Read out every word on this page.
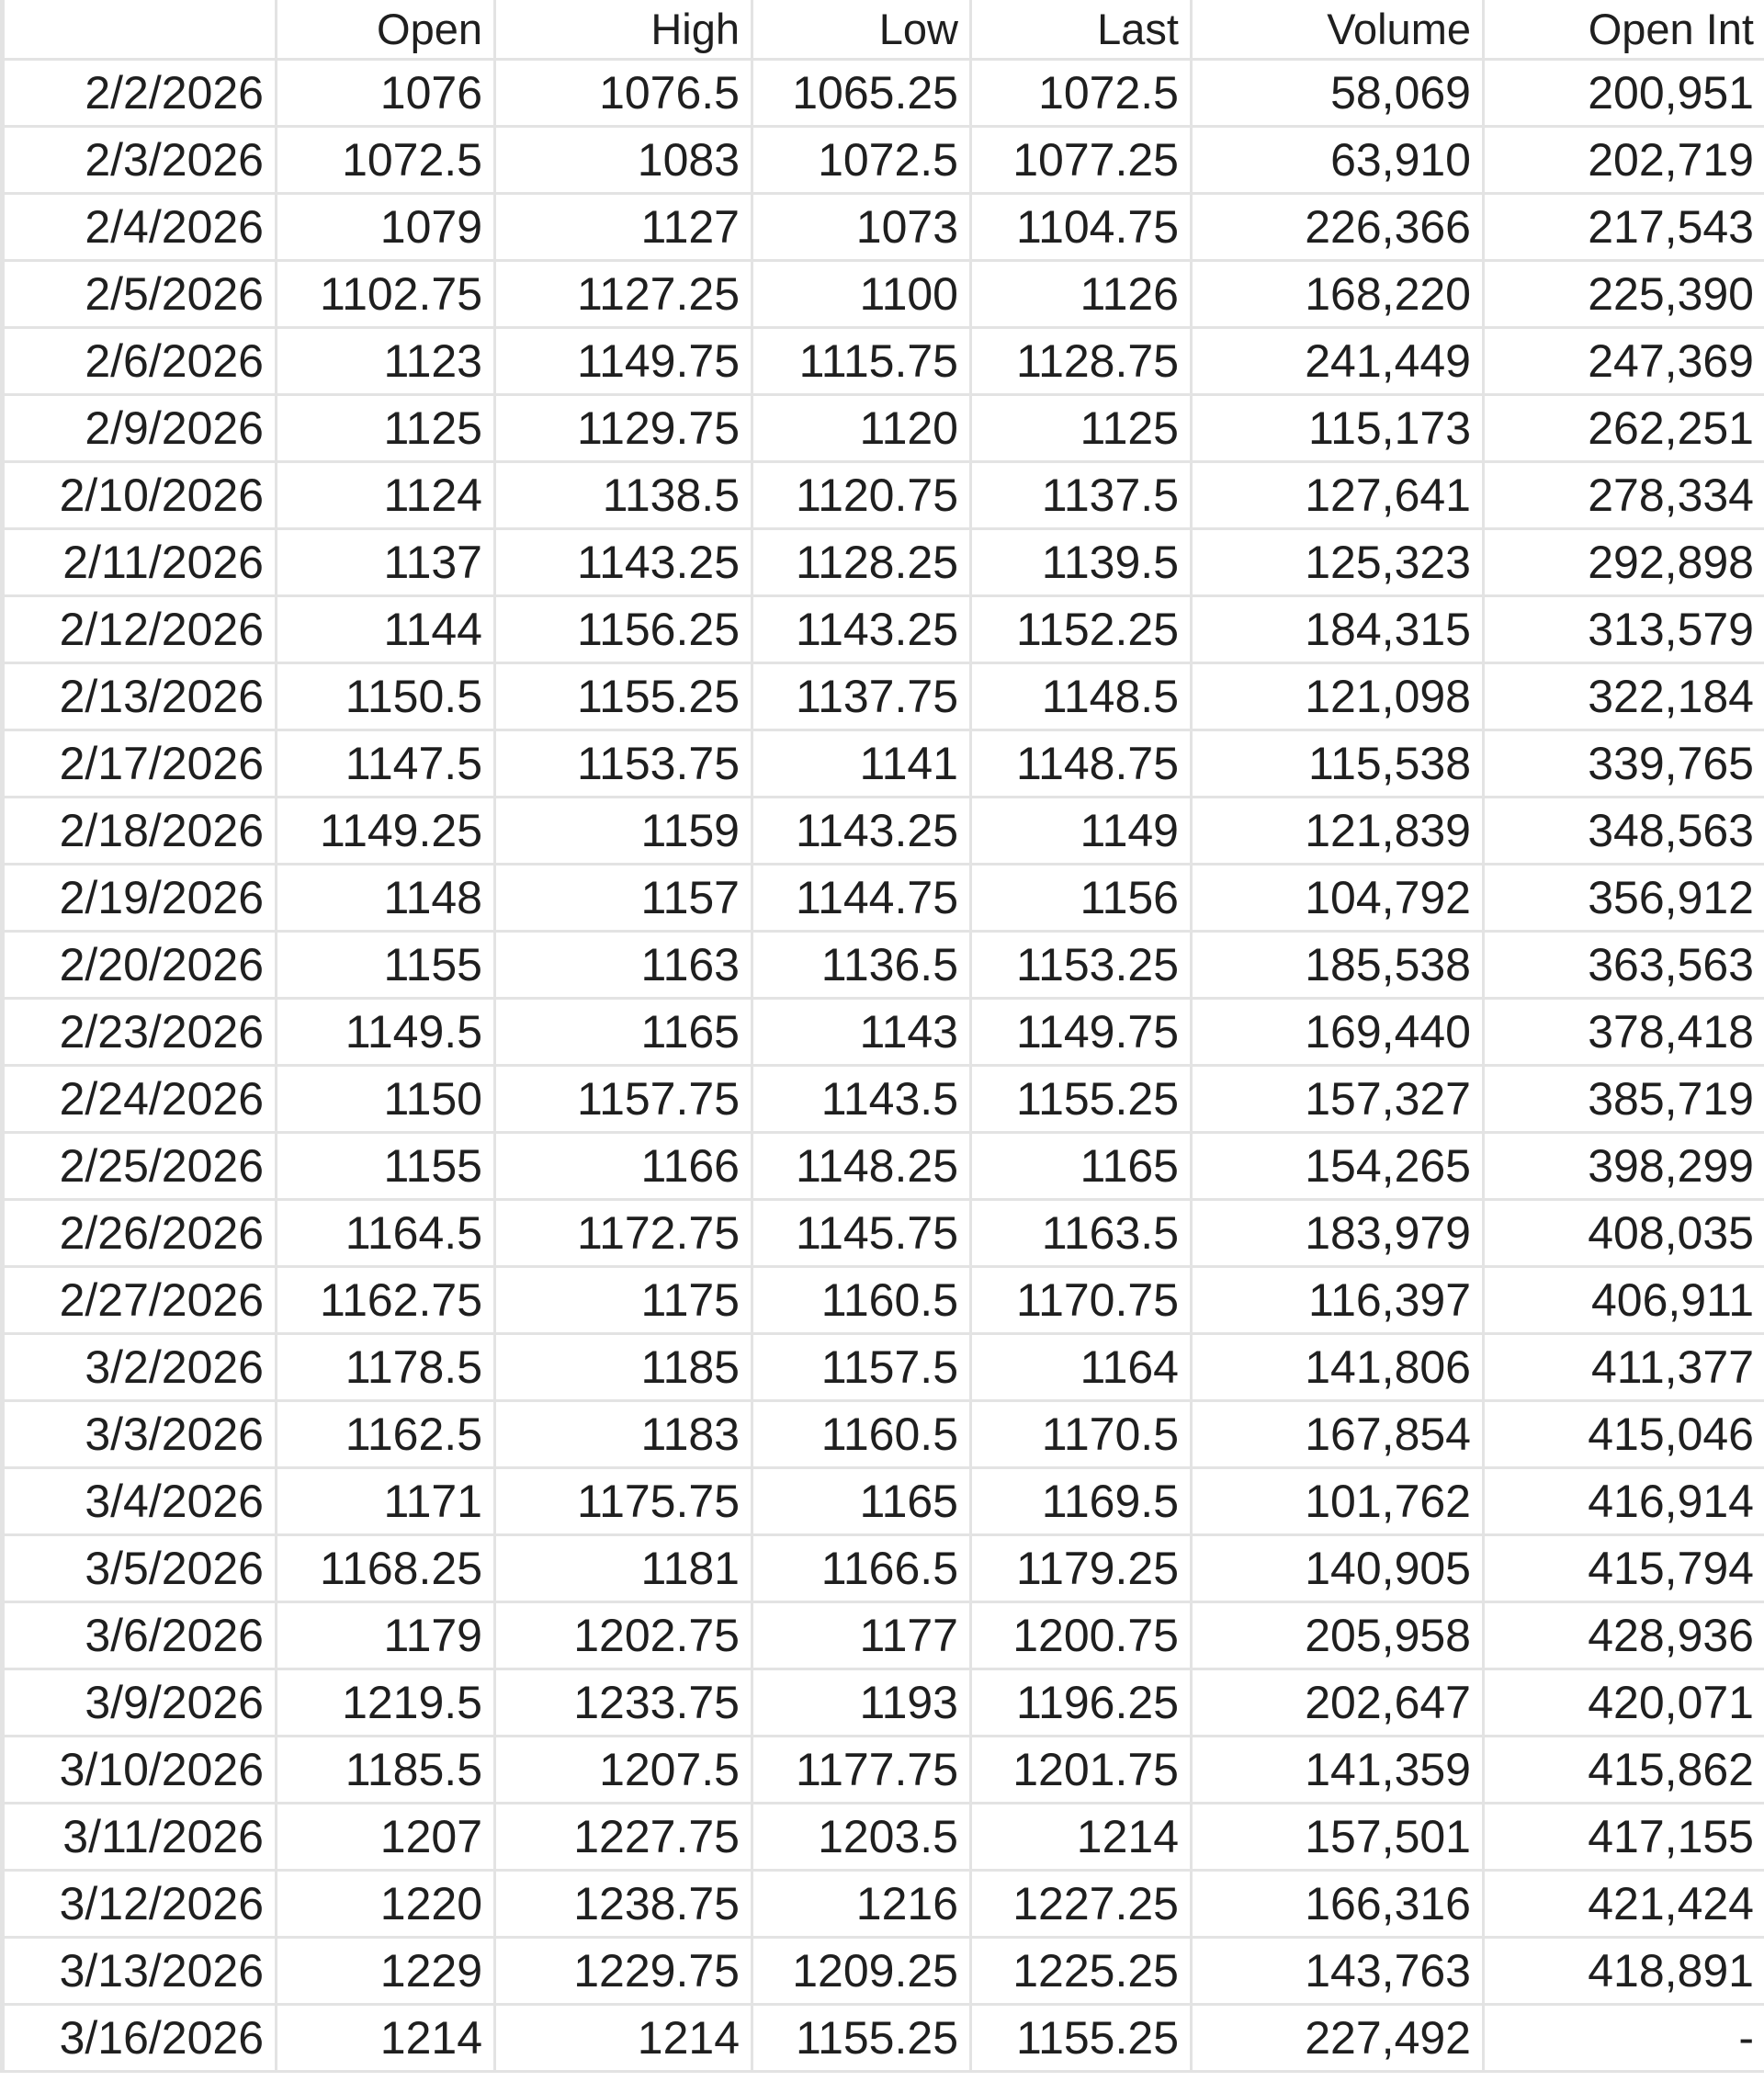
	Open	High	Low	Last	Volume	Open Int
2/2/2026	1076	1076.5	1065.25	1072.5	58,069	200,951
2/3/2026	1072.5	1083	1072.5	1077.25	63,910	202,719
2/4/2026	1079	1127	1073	1104.75	226,366	217,543
2/5/2026	1102.75	1127.25	1100	1126	168,220	225,390
2/6/2026	1123	1149.75	1115.75	1128.75	241,449	247,369
2/9/2026	1125	1129.75	1120	1125	115,173	262,251
2/10/2026	1124	1138.5	1120.75	1137.5	127,641	278,334
2/11/2026	1137	1143.25	1128.25	1139.5	125,323	292,898
2/12/2026	1144	1156.25	1143.25	1152.25	184,315	313,579
2/13/2026	1150.5	1155.25	1137.75	1148.5	121,098	322,184
2/17/2026	1147.5	1153.75	1141	1148.75	115,538	339,765
2/18/2026	1149.25	1159	1143.25	1149	121,839	348,563
2/19/2026	1148	1157	1144.75	1156	104,792	356,912
2/20/2026	1155	1163	1136.5	1153.25	185,538	363,563
2/23/2026	1149.5	1165	1143	1149.75	169,440	378,418
2/24/2026	1150	1157.75	1143.5	1155.25	157,327	385,719
2/25/2026	1155	1166	1148.25	1165	154,265	398,299
2/26/2026	1164.5	1172.75	1145.75	1163.5	183,979	408,035
2/27/2026	1162.75	1175	1160.5	1170.75	116,397	406,911
3/2/2026	1178.5	1185	1157.5	1164	141,806	411,377
3/3/2026	1162.5	1183	1160.5	1170.5	167,854	415,046
3/4/2026	1171	1175.75	1165	1169.5	101,762	416,914
3/5/2026	1168.25	1181	1166.5	1179.25	140,905	415,794
3/6/2026	1179	1202.75	1177	1200.75	205,958	428,936
3/9/2026	1219.5	1233.75	1193	1196.25	202,647	420,071
3/10/2026	1185.5	1207.5	1177.75	1201.75	141,359	415,862
3/11/2026	1207	1227.75	1203.5	1214	157,501	417,155
3/12/2026	1220	1238.75	1216	1227.25	166,316	421,424
3/13/2026	1229	1229.75	1209.25	1225.25	143,763	418,891
3/16/2026	1214	1214	1155.25	1155.25	227,492	-
